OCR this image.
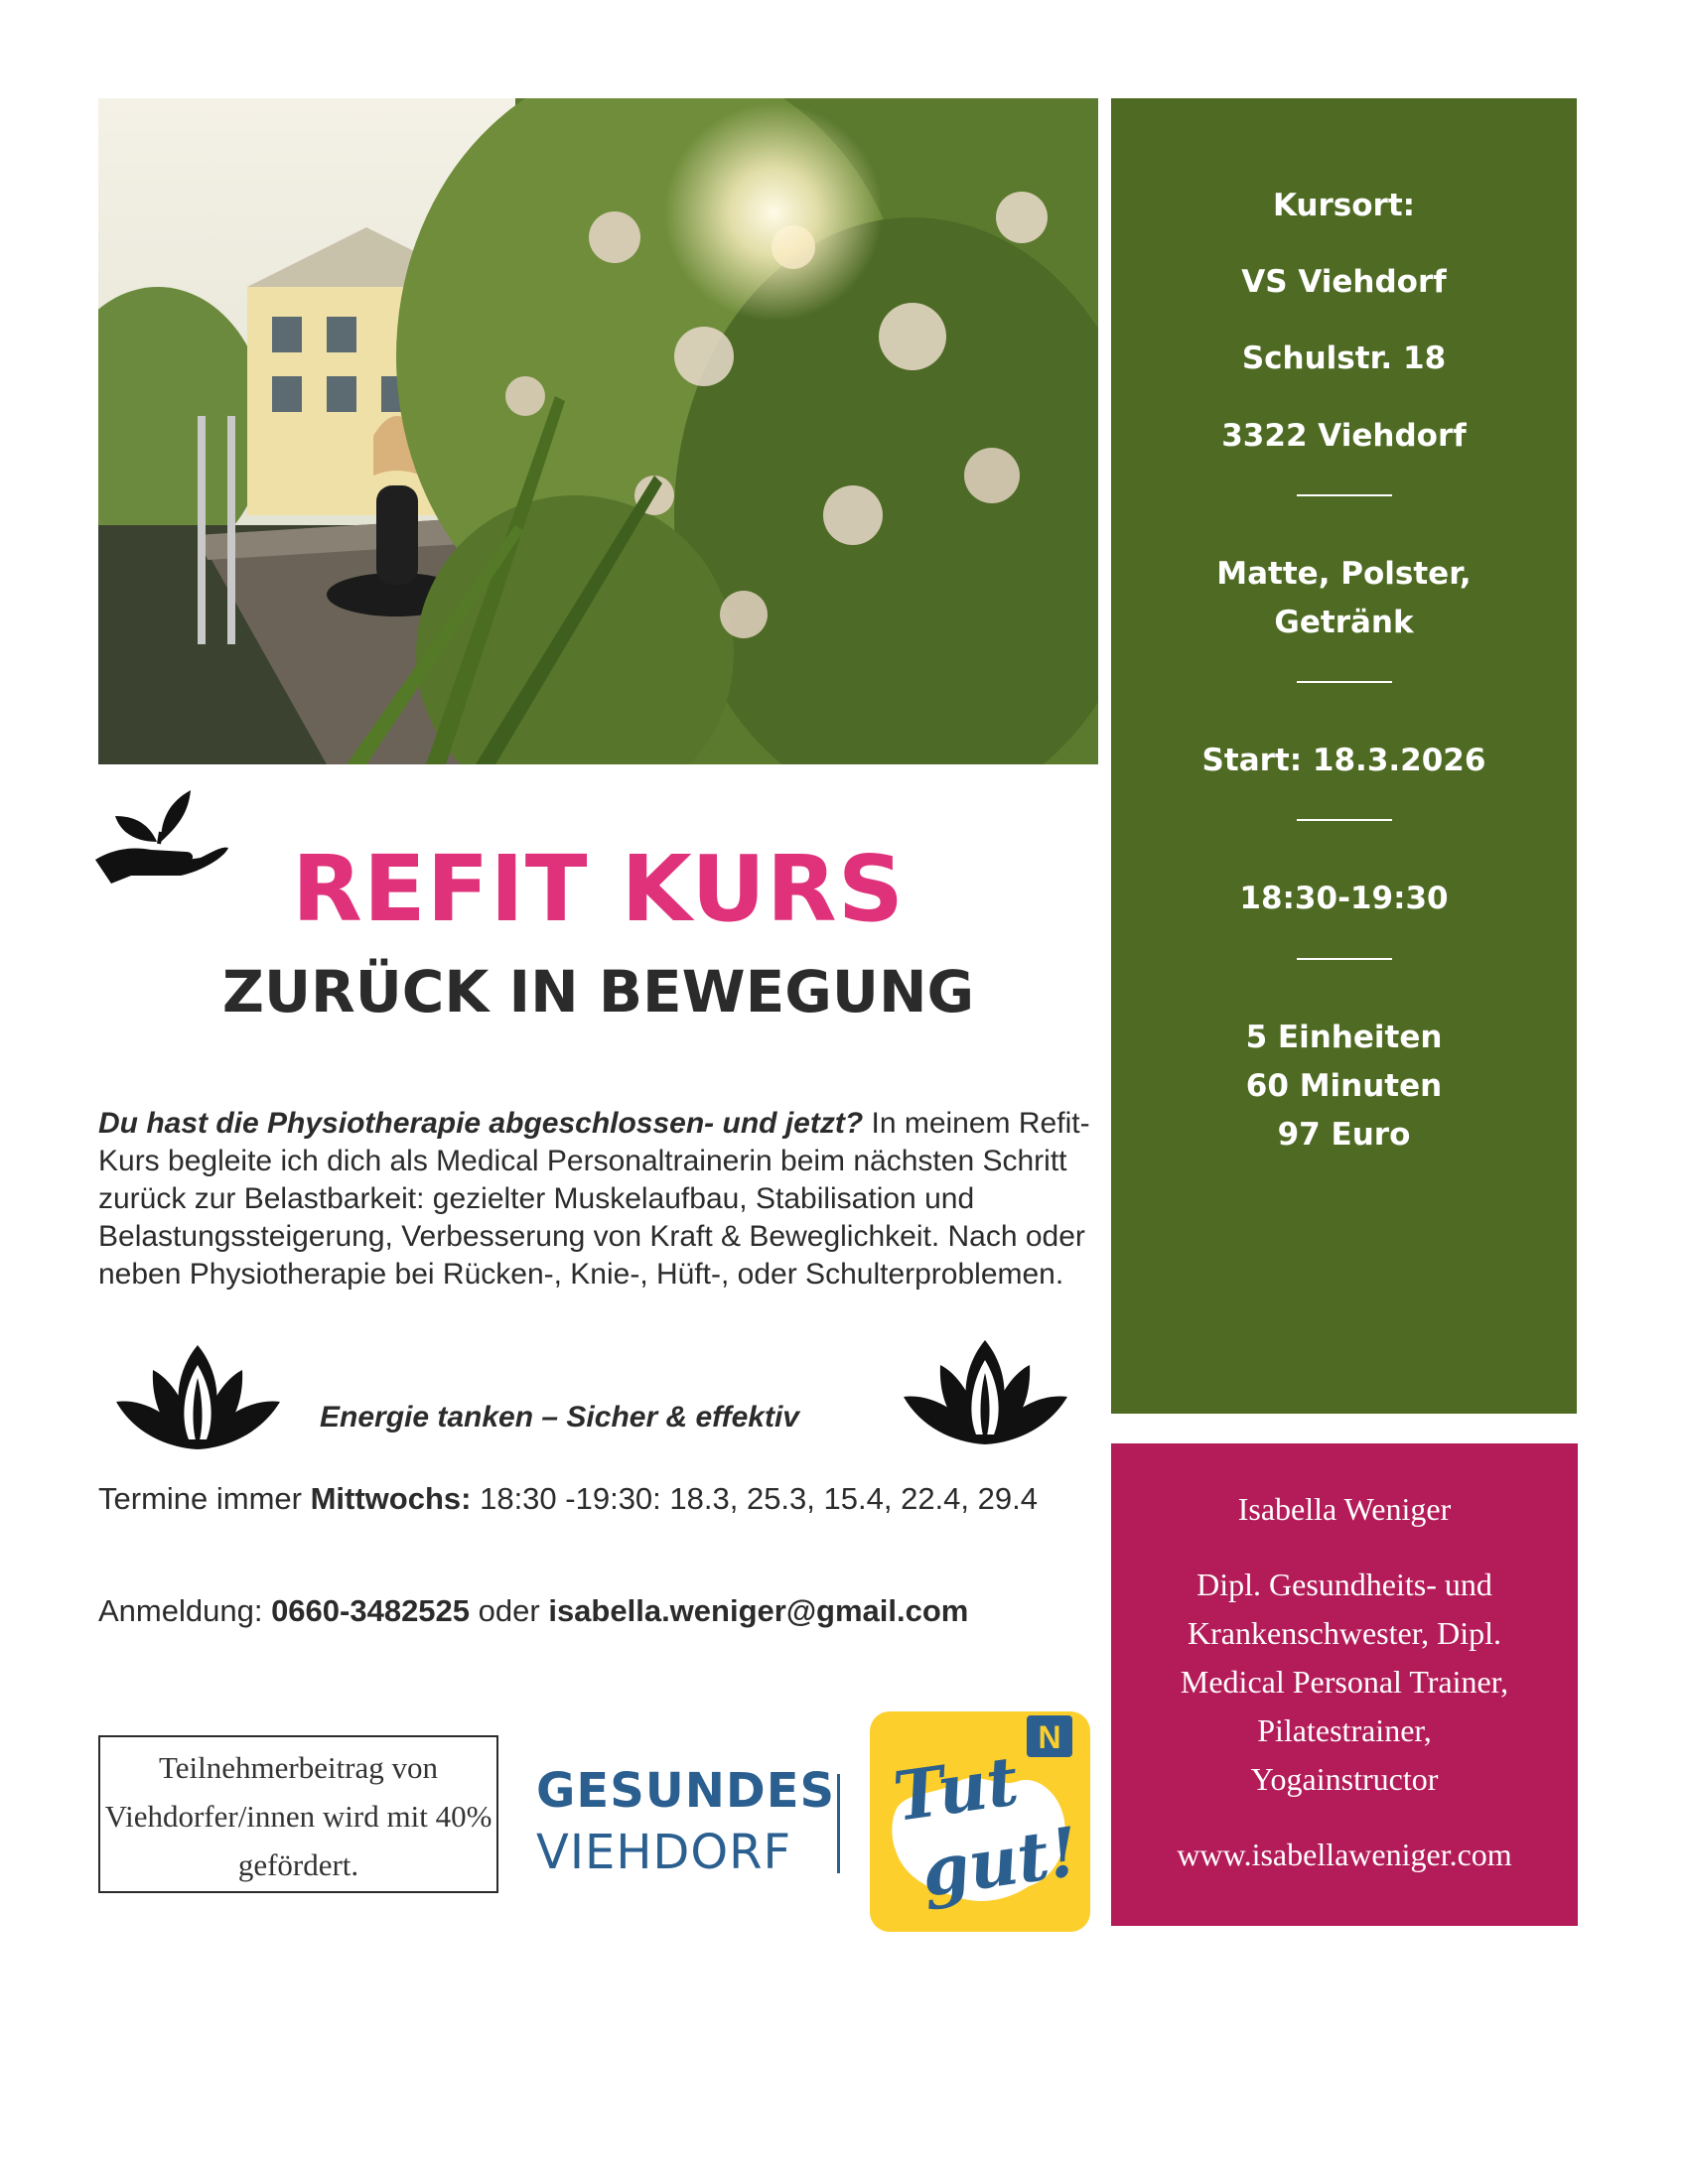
Kursort:
VS Viehdorf
Schulstr. 18
3322 Viehdorf
Matte, Polster,
Getränk
Start: 18.3.2026
18:30-19:30
5 Einheiten
60 Minuten
97 Euro
REFIT KURS
ZURÜCK IN BEWEGUNG
Du hast die Physiotherapie abgeschlossen- und jetzt? In meinem Refit-Kurs begleite ich dich als Medical Personaltrainerin beim nächsten Schritt zurück zur Belastbarkeit: gezielter Muskelaufbau, Stabilisation und Belastungssteigerung, Verbesserung von Kraft & Beweglichkeit. Nach oder neben Physiotherapie bei Rücken-, Knie-, Hüft-, oder Schulterproblemen.
Energie tanken – Sicher & effektiv
Termine immer Mittwochs: 18:30 -19:30: 18.3, 25.3, 15.4, 22.4, 29.4
Anmeldung: 0660-3482525 oder isabella.weniger@gmail.com
Teilnehmerbeitrag von Viehdorfer/innen wird mit 40% gefördert.
GESUNDES
VIEHDORF
N
Tut
gut!

Isabella Weniger

Dipl. Gesundheits- und
Krankenschwester, Dipl.
Medical Personal Trainer,
Pilatestrainer,
Yogainstructor

www.isabellaweniger.com
